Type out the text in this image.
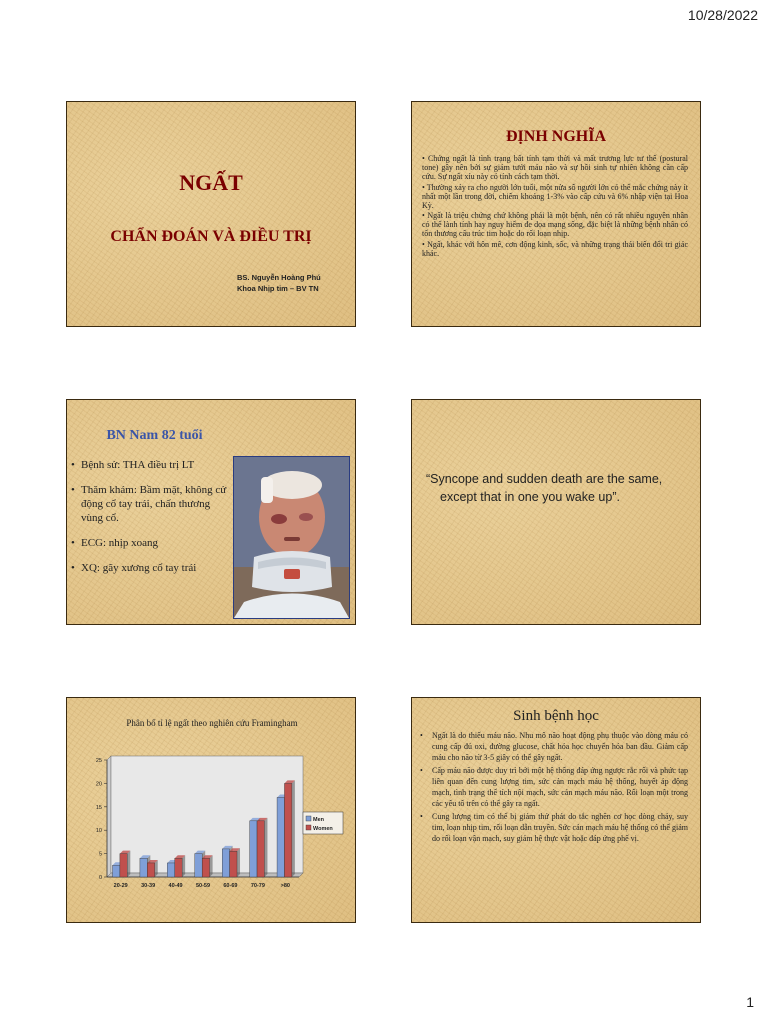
10/28/2022
NGẤT
CHẨN ĐOÁN VÀ ĐIỀU TRỊ
BS. Nguyễn Hoàng Phú
Khoa Nhịp tim – BV TN
ĐỊNH NGHĨA

• Chứng ngất là tình trạng bất tỉnh tạm thời và mất trương lực tư thế (postural tone) gây nên bởi sự giảm tưới máu não và sự hồi sinh tự nhiên không cần cấp cứu. Sự ngất xỉu này có tính cách tạm thời.

• Thường xảy ra cho người lớn tuổi, một nửa số người lớn có thể mắc chứng này ít nhất một lần trong đời, chiếm khoảng 1-3% vào cấp cứu và 6% nhập viện tại Hoa Kỳ.

• Ngất là triệu chứng chứ không phải là một bệnh, nên có rất nhiều nguyên nhân có thể lành tính hay nguy hiểm đe dọa mạng sống, đặc biệt là những bệnh nhân có tổn thương cấu trúc tim hoặc do rối loạn nhịp.

• Ngất, khác với hôn mê, cơn động kinh, sốc, và những trạng thái biến đổi tri giác khác.

BN Nam 82 tuổi
• Bệnh sử: THA điều trị LT
• Thăm khám: Bầm mặt, không cử động cổ tay trái, chấn thương vùng cổ.
• ECG: nhịp xoang
• XQ: gãy xương cổ tay trái
“Syncope and sudden death are the same,
except that in one you wake up”.
Phân bố tỉ lệ ngất theo nghiên cứu Framingham
0
5
10
15
20
25
20-29 30-39 40-49 50-59 60-69 70-79	>80
Men
Women
Sinh bệnh học
• Ngất là do thiếu máu não. Nhu mô não hoạt động phụ thuộc vào dòng máu có cung cấp đủ oxi, đường glucose, chất hóa học chuyển hóa ban đầu. Giảm cấp máu cho não từ 3-5 giây có thể gây ngất.
• Cấp máu não được duy trì bởi một hệ thống đáp ứng ngược rắc rối và phức tạp liên quan đến cung lượng tim, sức cản mạch máu hệ thống, huyết áp động mạch, tình trạng thể tích nội mạch, sức cản mạch máu não. Rối loạn một trong các yếu tố trên có thể gây ra ngất.
• Cung lượng tim có thể bị giảm thứ phát do tắc nghẽn cơ học dòng chảy, suy tim, loạn nhịp tim, rối loạn dẫn truyền. Sức cản mạch máu hệ thống có thể giảm do rối loạn vận mạch, suy giảm hệ thực vật hoặc đáp ứng phế vị.
1
